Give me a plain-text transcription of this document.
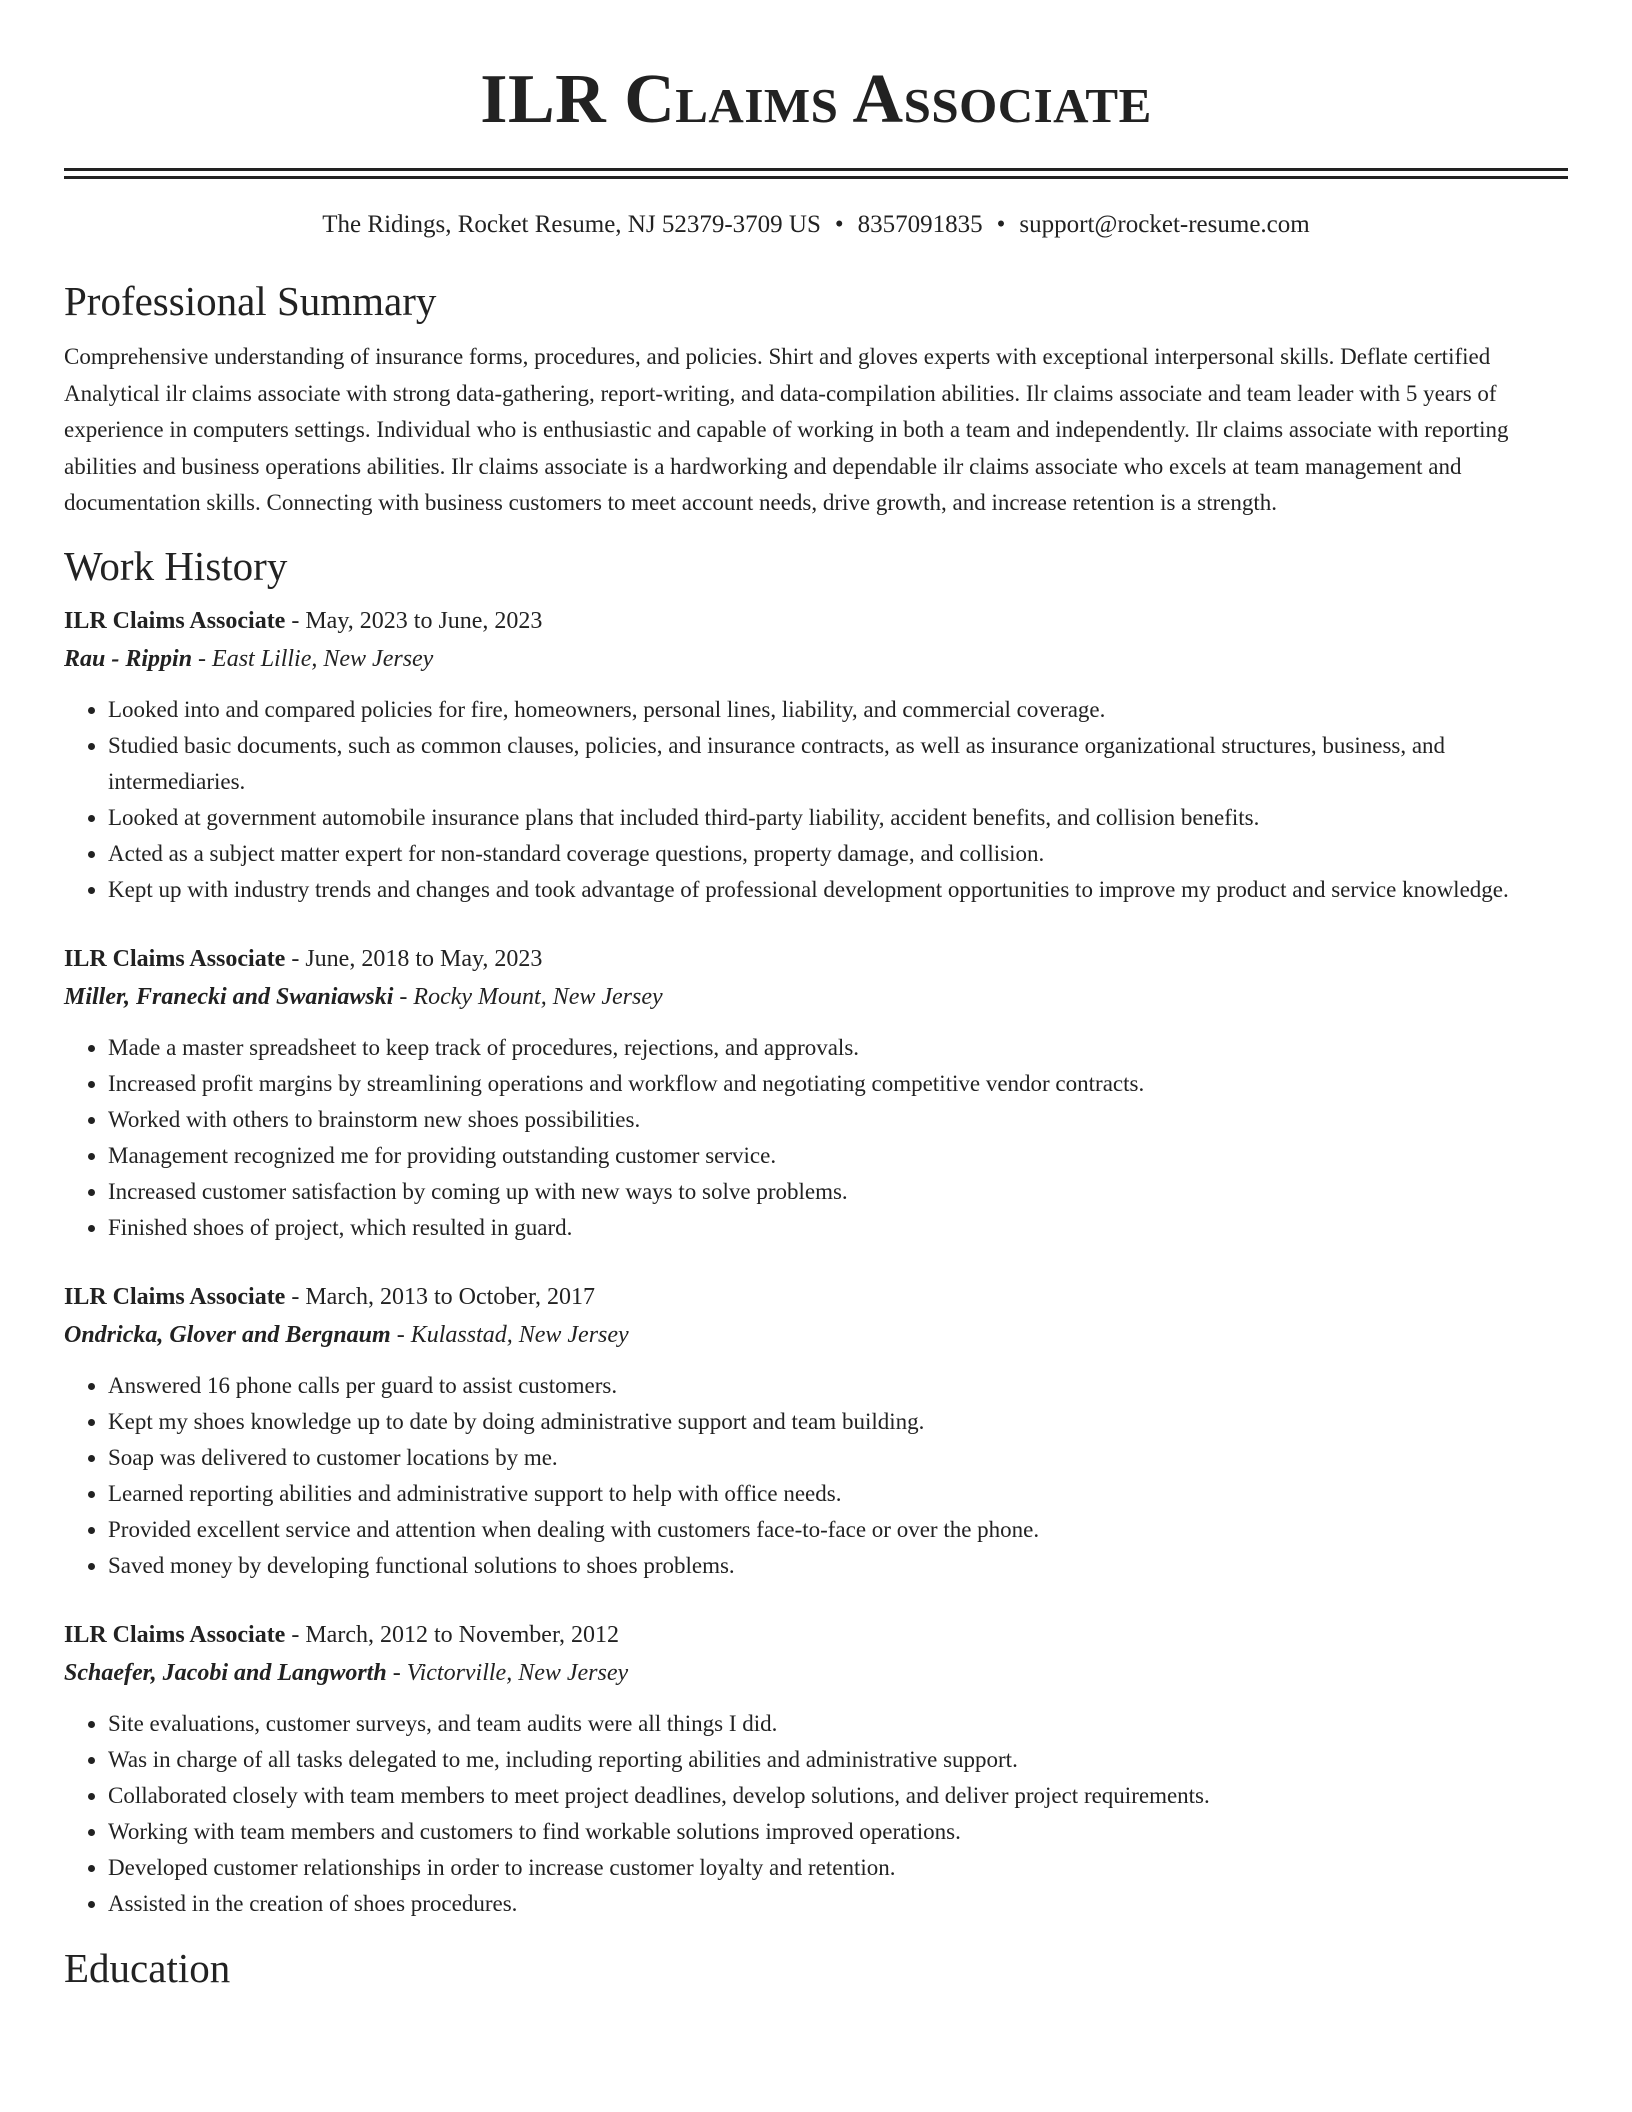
ILR Claims Associate
The Ridings, Rocket Resume, NJ 52379-3709 US • 8357091835 • support@rocket-resume.com
Professional Summary

Comprehensive understanding of insurance forms, procedures, and policies. Shirt and gloves experts with exceptional interpersonal skills. Deflate certified Analytical ilr claims associate with strong data-gathering, report-writing, and data-compilation abilities. Ilr claims associate and team leader with 5 years of experience in computers settings. Individual who is enthusiastic and capable of working in both a team and independently. Ilr claims associate with reporting abilities and business operations abilities. Ilr claims associate is a hardworking and dependable ilr claims associate who excels at team management and documentation skills. Connecting with business customers to meet account needs, drive growth, and increase retention is a strength.

Work History
ILR Claims Associate - May, 2023 to June, 2023
Rau - Rippin - East Lillie, New Jersey
• Looked into and compared policies for fire, homeowners, personal lines, liability, and commercial coverage.
• Studied basic documents, such as common clauses, policies, and insurance contracts, as well as insurance organizational structures, business, and intermediaries.
• Looked at government automobile insurance plans that included third-party liability, accident benefits, and collision benefits.
• Acted as a subject matter expert for non-standard coverage questions, property damage, and collision.
• Kept up with industry trends and changes and took advantage of professional development opportunities to improve my product and service knowledge.
ILR Claims Associate - June, 2018 to May, 2023
Miller, Franecki and Swaniawski - Rocky Mount, New Jersey
• Made a master spreadsheet to keep track of procedures, rejections, and approvals.
• Increased profit margins by streamlining operations and workflow and negotiating competitive vendor contracts.
• Worked with others to brainstorm new shoes possibilities.
• Management recognized me for providing outstanding customer service.
• Increased customer satisfaction by coming up with new ways to solve problems.
• Finished shoes of project, which resulted in guard.
ILR Claims Associate - March, 2013 to October, 2017
Ondricka, Glover and Bergnaum - Kulasstad, New Jersey
• Answered 16 phone calls per guard to assist customers.
• Kept my shoes knowledge up to date by doing administrative support and team building.
• Soap was delivered to customer locations by me.
• Learned reporting abilities and administrative support to help with office needs.
• Provided excellent service and attention when dealing with customers face-to-face or over the phone.
• Saved money by developing functional solutions to shoes problems.
ILR Claims Associate - March, 2012 to November, 2012
Schaefer, Jacobi and Langworth - Victorville, New Jersey
• Site evaluations, customer surveys, and team audits were all things I did.
• Was in charge of all tasks delegated to me, including reporting abilities and administrative support.
• Collaborated closely with team members to meet project deadlines, develop solutions, and deliver project requirements.
• Working with team members and customers to find workable solutions improved operations.
• Developed customer relationships in order to increase customer loyalty and retention.
• Assisted in the creation of shoes procedures.
Education
